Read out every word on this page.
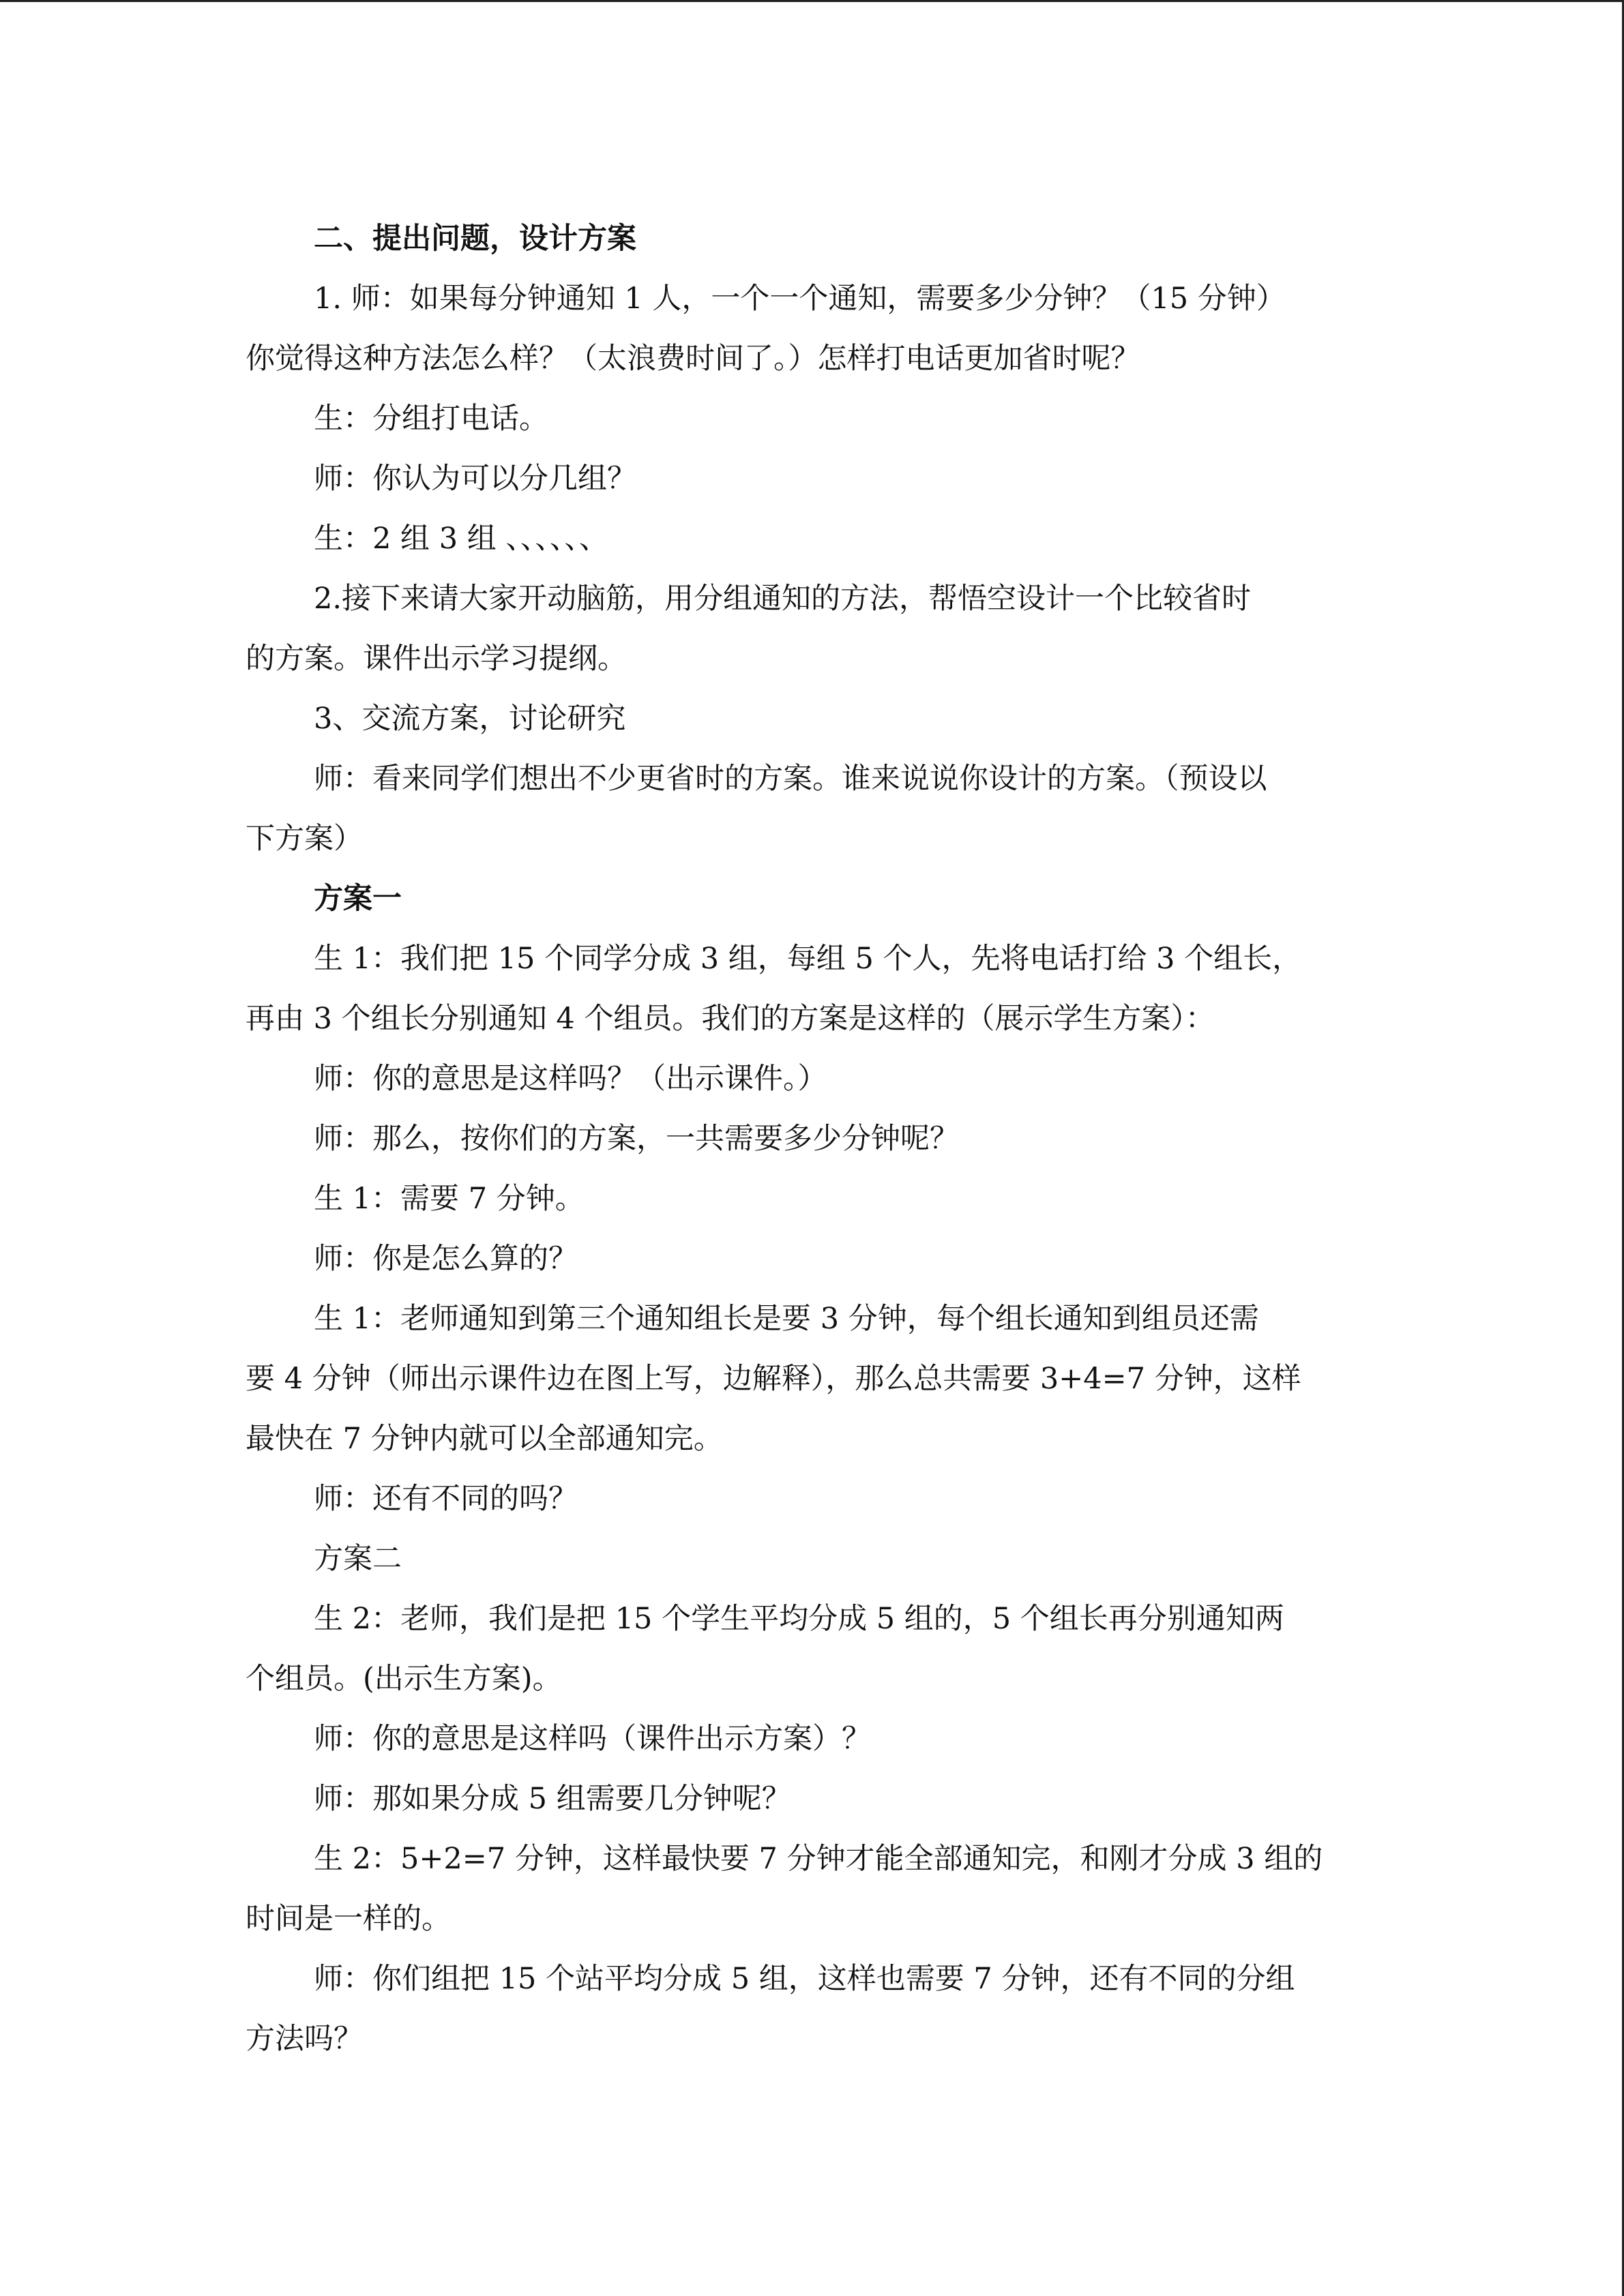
二、提出问题，设计方案
1. 师：如果每分钟通知 1 人，一个一个通知，需要多少分钟？（15 分钟）
你觉得这种方法怎么样？（太浪费时间了。）怎样打电话更加省时呢？
生：分组打电话。
师：你认为可以分几组？
生：2 组 3 组 、、、、、、
2.接下来请大家开动脑筋，用分组通知的方法，帮悟空设计一个比较省时
的方案。课件出示学习提纲。
3、交流方案，讨论研究
师：看来同学们想出不少更省时的方案。谁来说说你设计的方案。（预设以
下方案）
方案一
生 1：我们把 15 个同学分成 3 组，每组 5 个人，先将电话打给 3 个组长，
再由 3 个组长分别通知 4 个组员。我们的方案是这样的（展示学生方案）：
师：你的意思是这样吗？（出示课件。）
师：那么，按你们的方案，一共需要多少分钟呢？
生 1：需要 7 分钟。
师：你是怎么算的？
生 1：老师通知到第三个通知组长是要 3 分钟，每个组长通知到组员还需
要 4 分钟（师出示课件边在图上写，边解释），那么总共需要 3+4=7 分钟，这样
最快在 7 分钟内就可以全部通知完。
师：还有不同的吗？
方案二
生 2：老师，我们是把 15 个学生平均分成 5 组的，5 个组长再分别通知两
个组员。(出示生方案)。
师：你的意思是这样吗（课件出示方案）？
师：那如果分成 5 组需要几分钟呢？
生 2：5+2=7 分钟，这样最快要 7 分钟才能全部通知完，和刚才分成 3 组的
时间是一样的。
师：你们组把 15 个站平均分成 5 组，这样也需要 7 分钟，还有不同的分组
方法吗？
